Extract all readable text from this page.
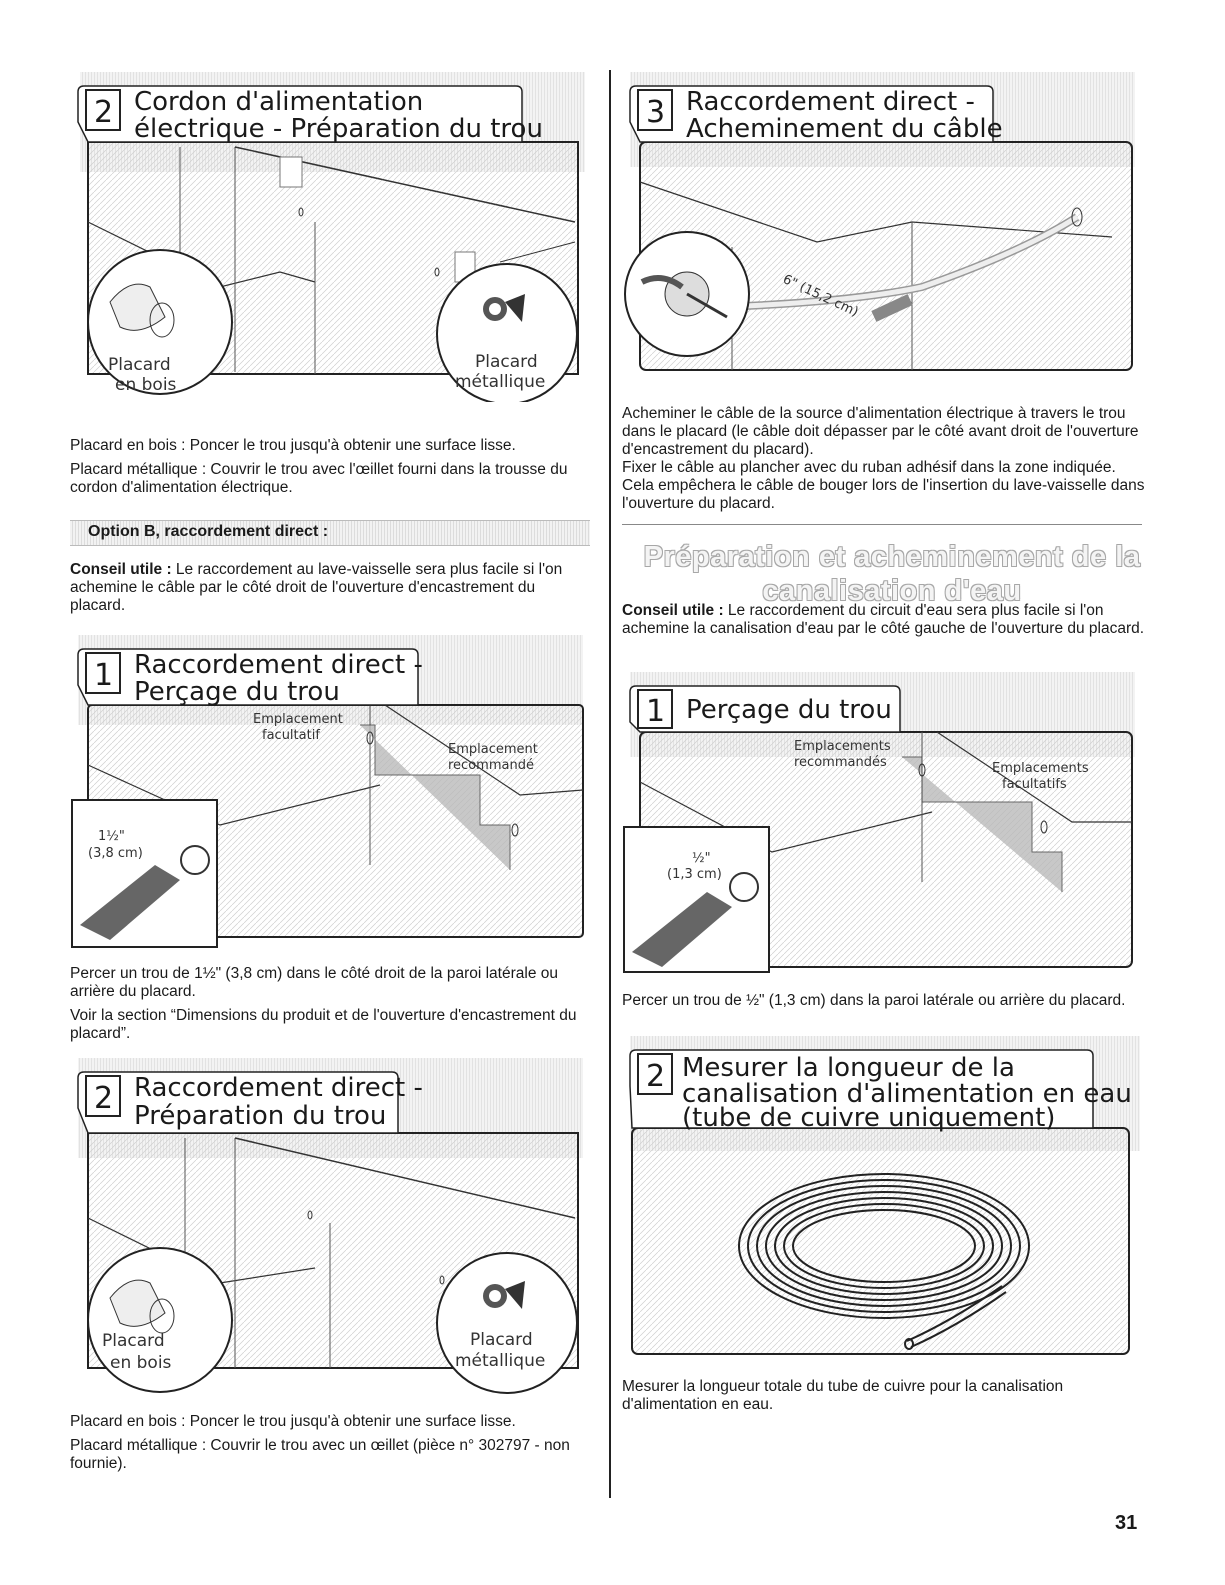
Placard
en bois
Placard
métallique
2 Cordon d'alimentation
électrique - Préparation du trou

Placard en bois : Poncer le trou jusqu'à obtenir une surface lisse.

Placard métallique : Couvrir le trou avec l'œillet fourni dans la trousse du cordon d'alimentation électrique.

Option B, raccordement direct :

Conseil utile : Le raccordement au lave-vaisselle sera plus facile si l'on achemine le câble par le côté droit de l'ouverture d'encastrement du placard.

Emplacement
facultatif
Emplacement
recommandé
1½"
(3,8 cm)
1 Raccordement direct -
Perçage du trou

Percer un trou de 1½" (3,8 cm) dans le côté droit de la paroi latérale ou arrière du placard.

Voir la section “Dimensions du produit et de l'ouverture d'encastrement du placard”.

Placard
en bois
Placard
métallique
2 Raccordement direct -
Préparation du trou

Placard en bois : Poncer le trou jusqu'à obtenir une surface lisse.

Placard métallique : Couvrir le trou avec un œillet (pièce n° 302797 - non fournie).

6" (15,2 cm)
3 Raccordement direct -
Acheminement du câble

Acheminer le câble de la source d'alimentation électrique à travers le trou dans le placard (le câble doit dépasser par le côté avant droit de l'ouverture d'encastrement du placard).

Fixer le câble au plancher avec du ruban adhésif dans la zone indiquée. Cela empêchera le câble de bouger lors de l'insertion du lave-vaisselle dans l'ouverture du placard.

Préparation et acheminement de la
canalisation d'eau

Conseil utile : Le raccordement du circuit d'eau sera plus facile si l'on achemine la canalisation d'eau par le côté gauche de l'ouverture du placard.

Emplacements
recommandés	Emplacements
facultatifs
½"
(1,3 cm)
1 Perçage du trou

Percer un trou de ½" (1,3 cm) dans la paroi latérale ou arrière du placard.

2 Mesurer la longueur de la
canalisation d'alimentation en eau
(tube de cuivre uniquement)

Mesurer la longueur totale du tube de cuivre pour la canalisation d'alimentation en eau.

31
